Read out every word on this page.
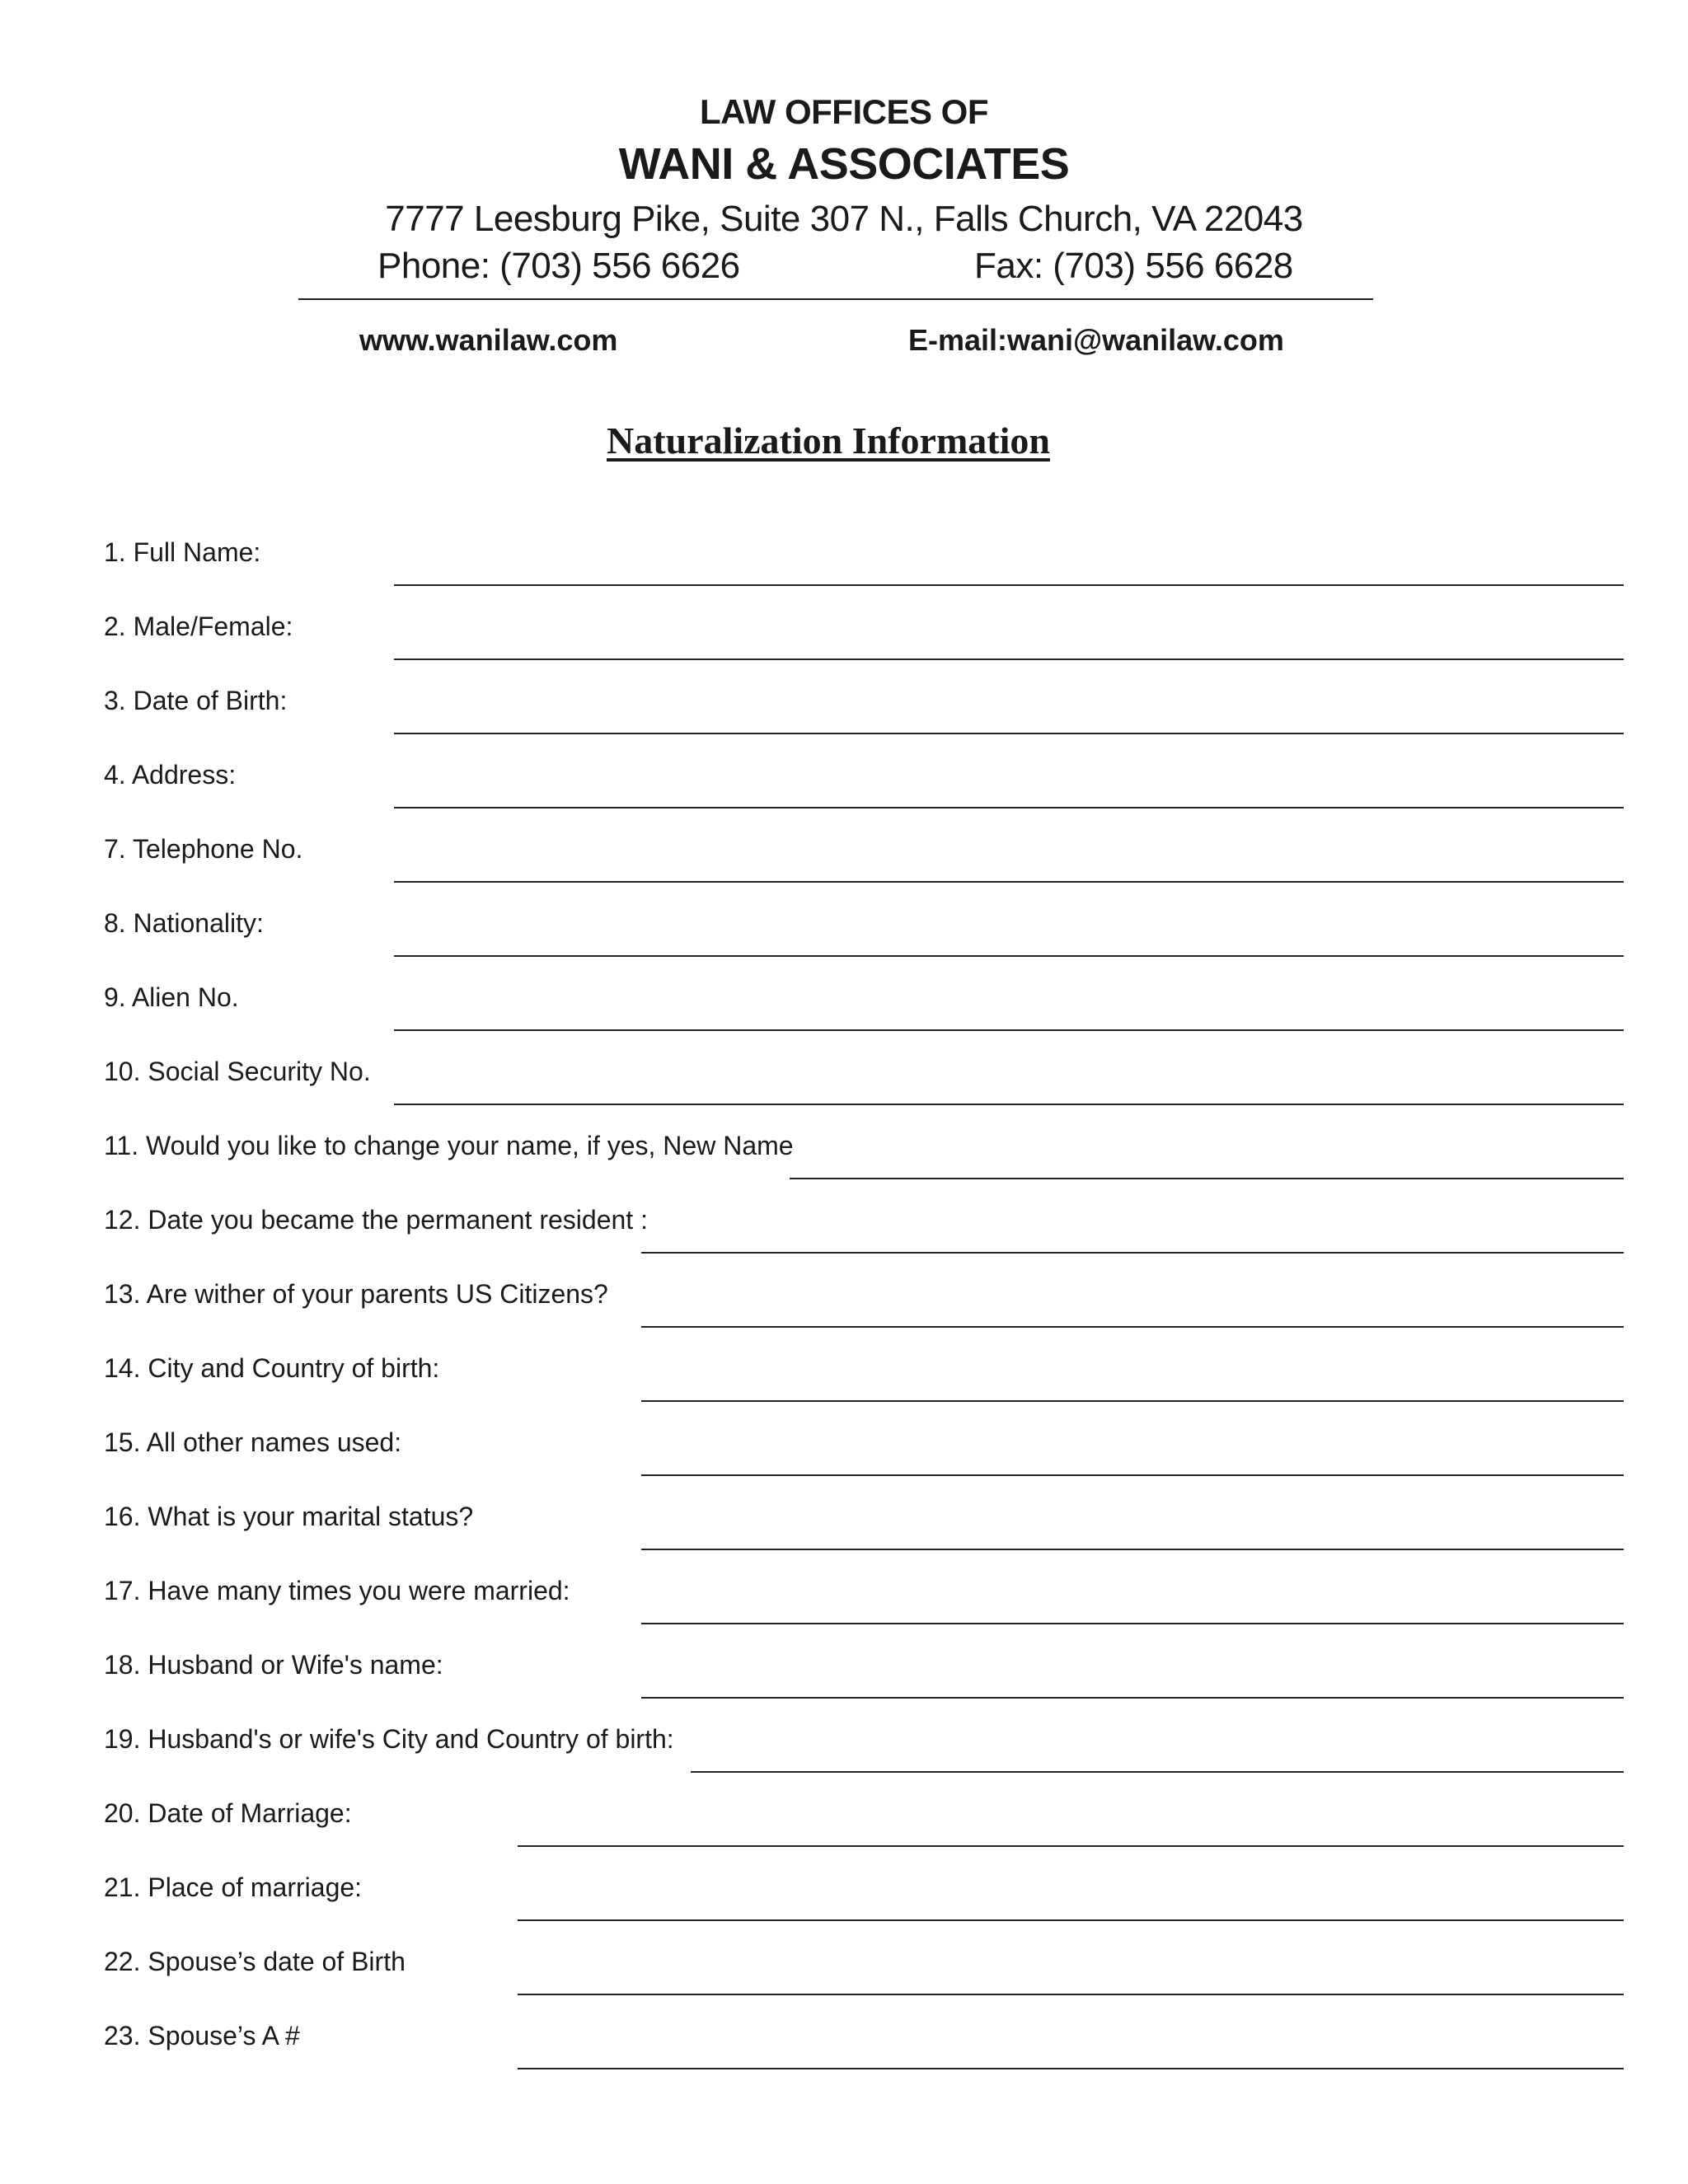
LAW OFFICES OF
WANI & ASSOCIATES
7777 Leesburg Pike, Suite 307 N., Falls Church, VA 22043
Phone: (703) 556 6626	Fax: (703) 556 6628
www.wanilaw.com	E-mail:wani@wanilaw.com
Naturalization Information
1. Full Name:
2. Male/Female:
3. Date of Birth:
4. Address:
7. Telephone No.
8. Nationality:
9. Alien No.
10. Social Security No.
11. Would you like to change your name, if yes, New Name
12. Date you became the permanent resident :
13. Are wither of your parents US Citizens?
14. City and Country of birth:
15. All other names used:
16. What is your marital status?
17. Have many times you were married:
18. Husband or Wife's name:
19. Husband's or wife's City and Country of birth:
20. Date of Marriage:
21. Place of marriage:
22. Spouse’s date of Birth
23. Spouse’s A #
